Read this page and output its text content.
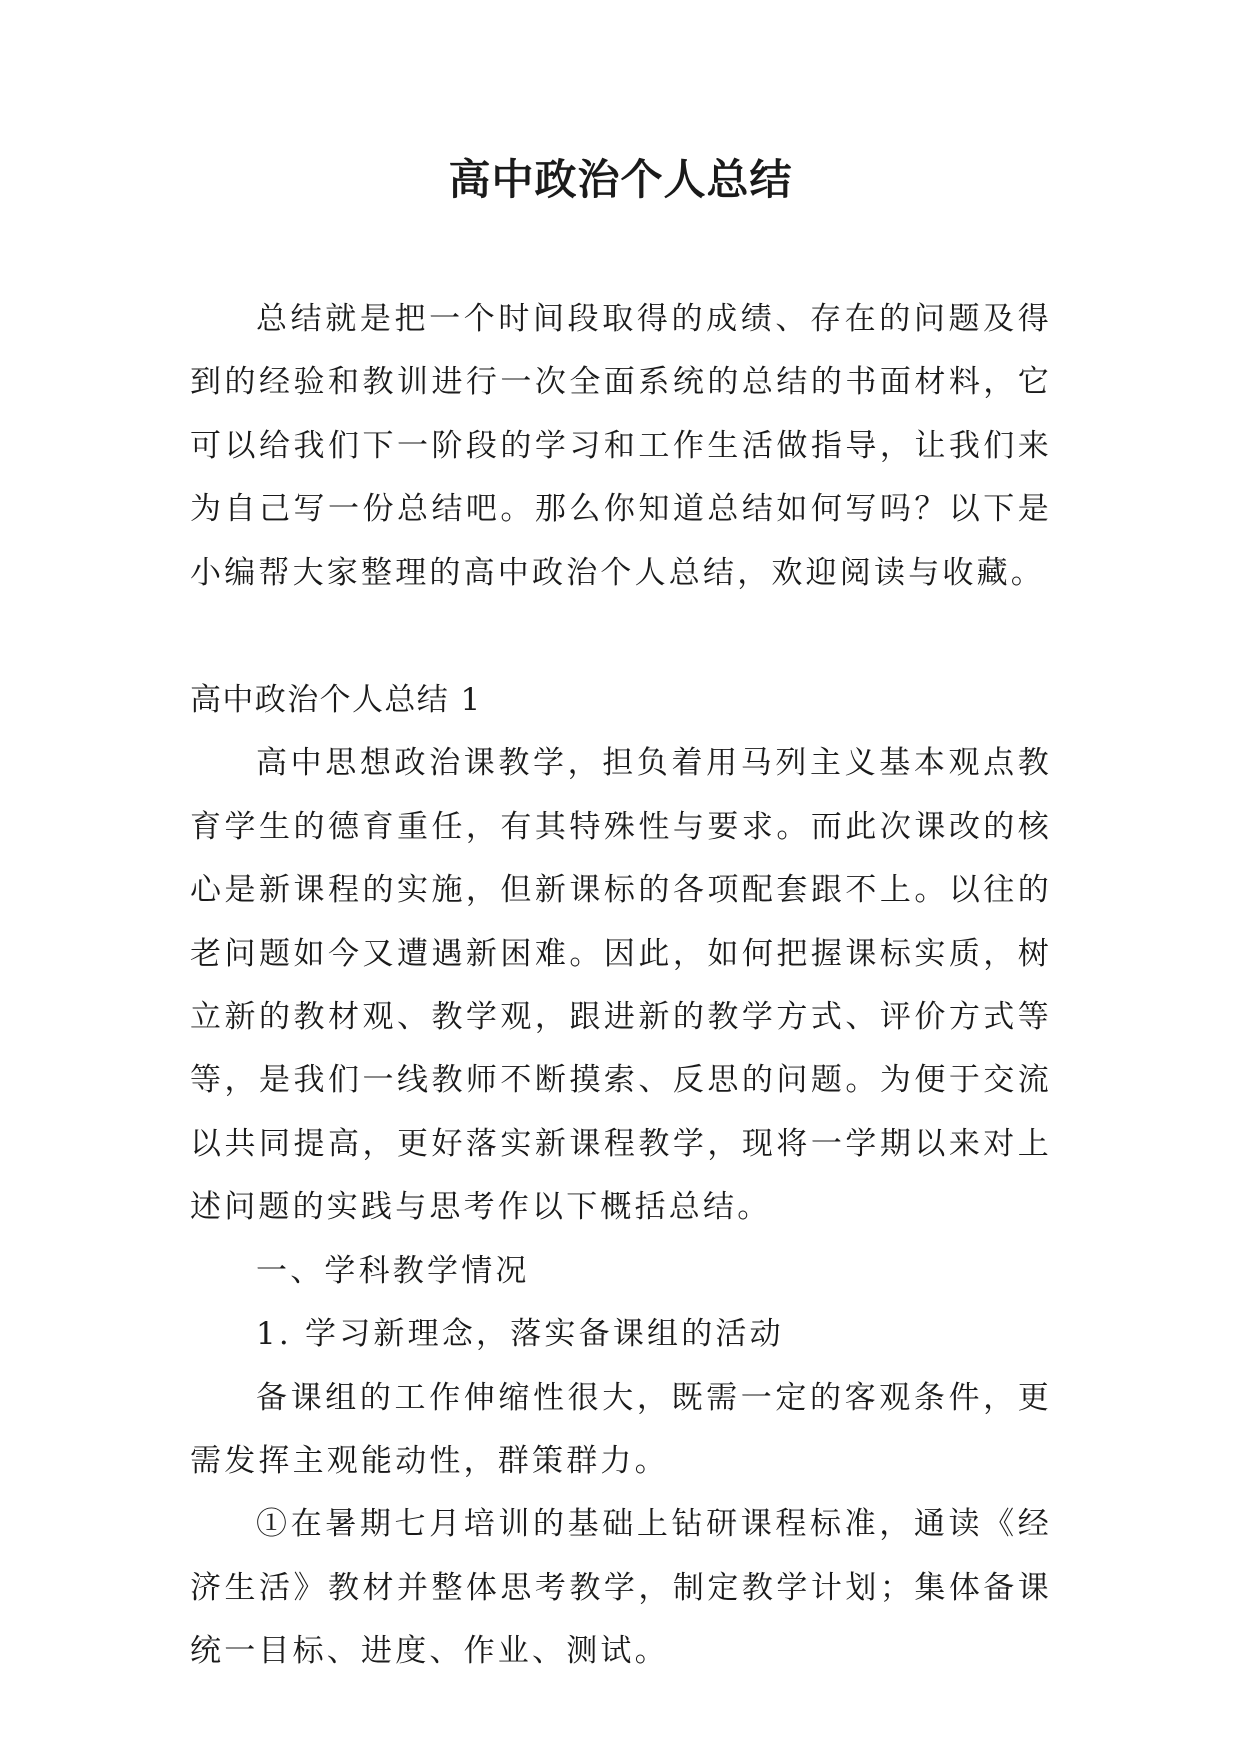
高中政治个人总结

总结就是把一个时间段取得的成绩、存在的问题及得到的经验和教训进行一次全面系统的总结的书面材料，它可以给我们下一阶段的学习和工作生活做指导，让我们来为自己写一份总结吧。那么你知道总结如何写吗？以下是小编帮大家整理的高中政治个人总结，欢迎阅读与收藏。

高中政治个人总结 1

高中思想政治课教学，担负着用马列主义基本观点教育学生的德育重任，有其特殊性与要求。而此次课改的核心是新课程的实施，但新课标的各项配套跟不上。以往的老问题如今又遭遇新困难。因此，如何把握课标实质，树立新的教材观、教学观，跟进新的教学方式、评价方式等等，是我们一线教师不断摸索、反思的问题。为便于交流以共同提高，更好落实新课程教学，现将一学期以来对上述问题的实践与思考作以下概括总结。

一、学科教学情况

1. 学习新理念，落实备课组的活动

备课组的工作伸缩性很大，既需一定的客观条件，更需发挥主观能动性，群策群力。

①在暑期七月培训的基础上钻研课程标准，通读《经济生活》教材并整体思考教学，制定教学计划；集体备课统一目标、进度、作业、测试。
